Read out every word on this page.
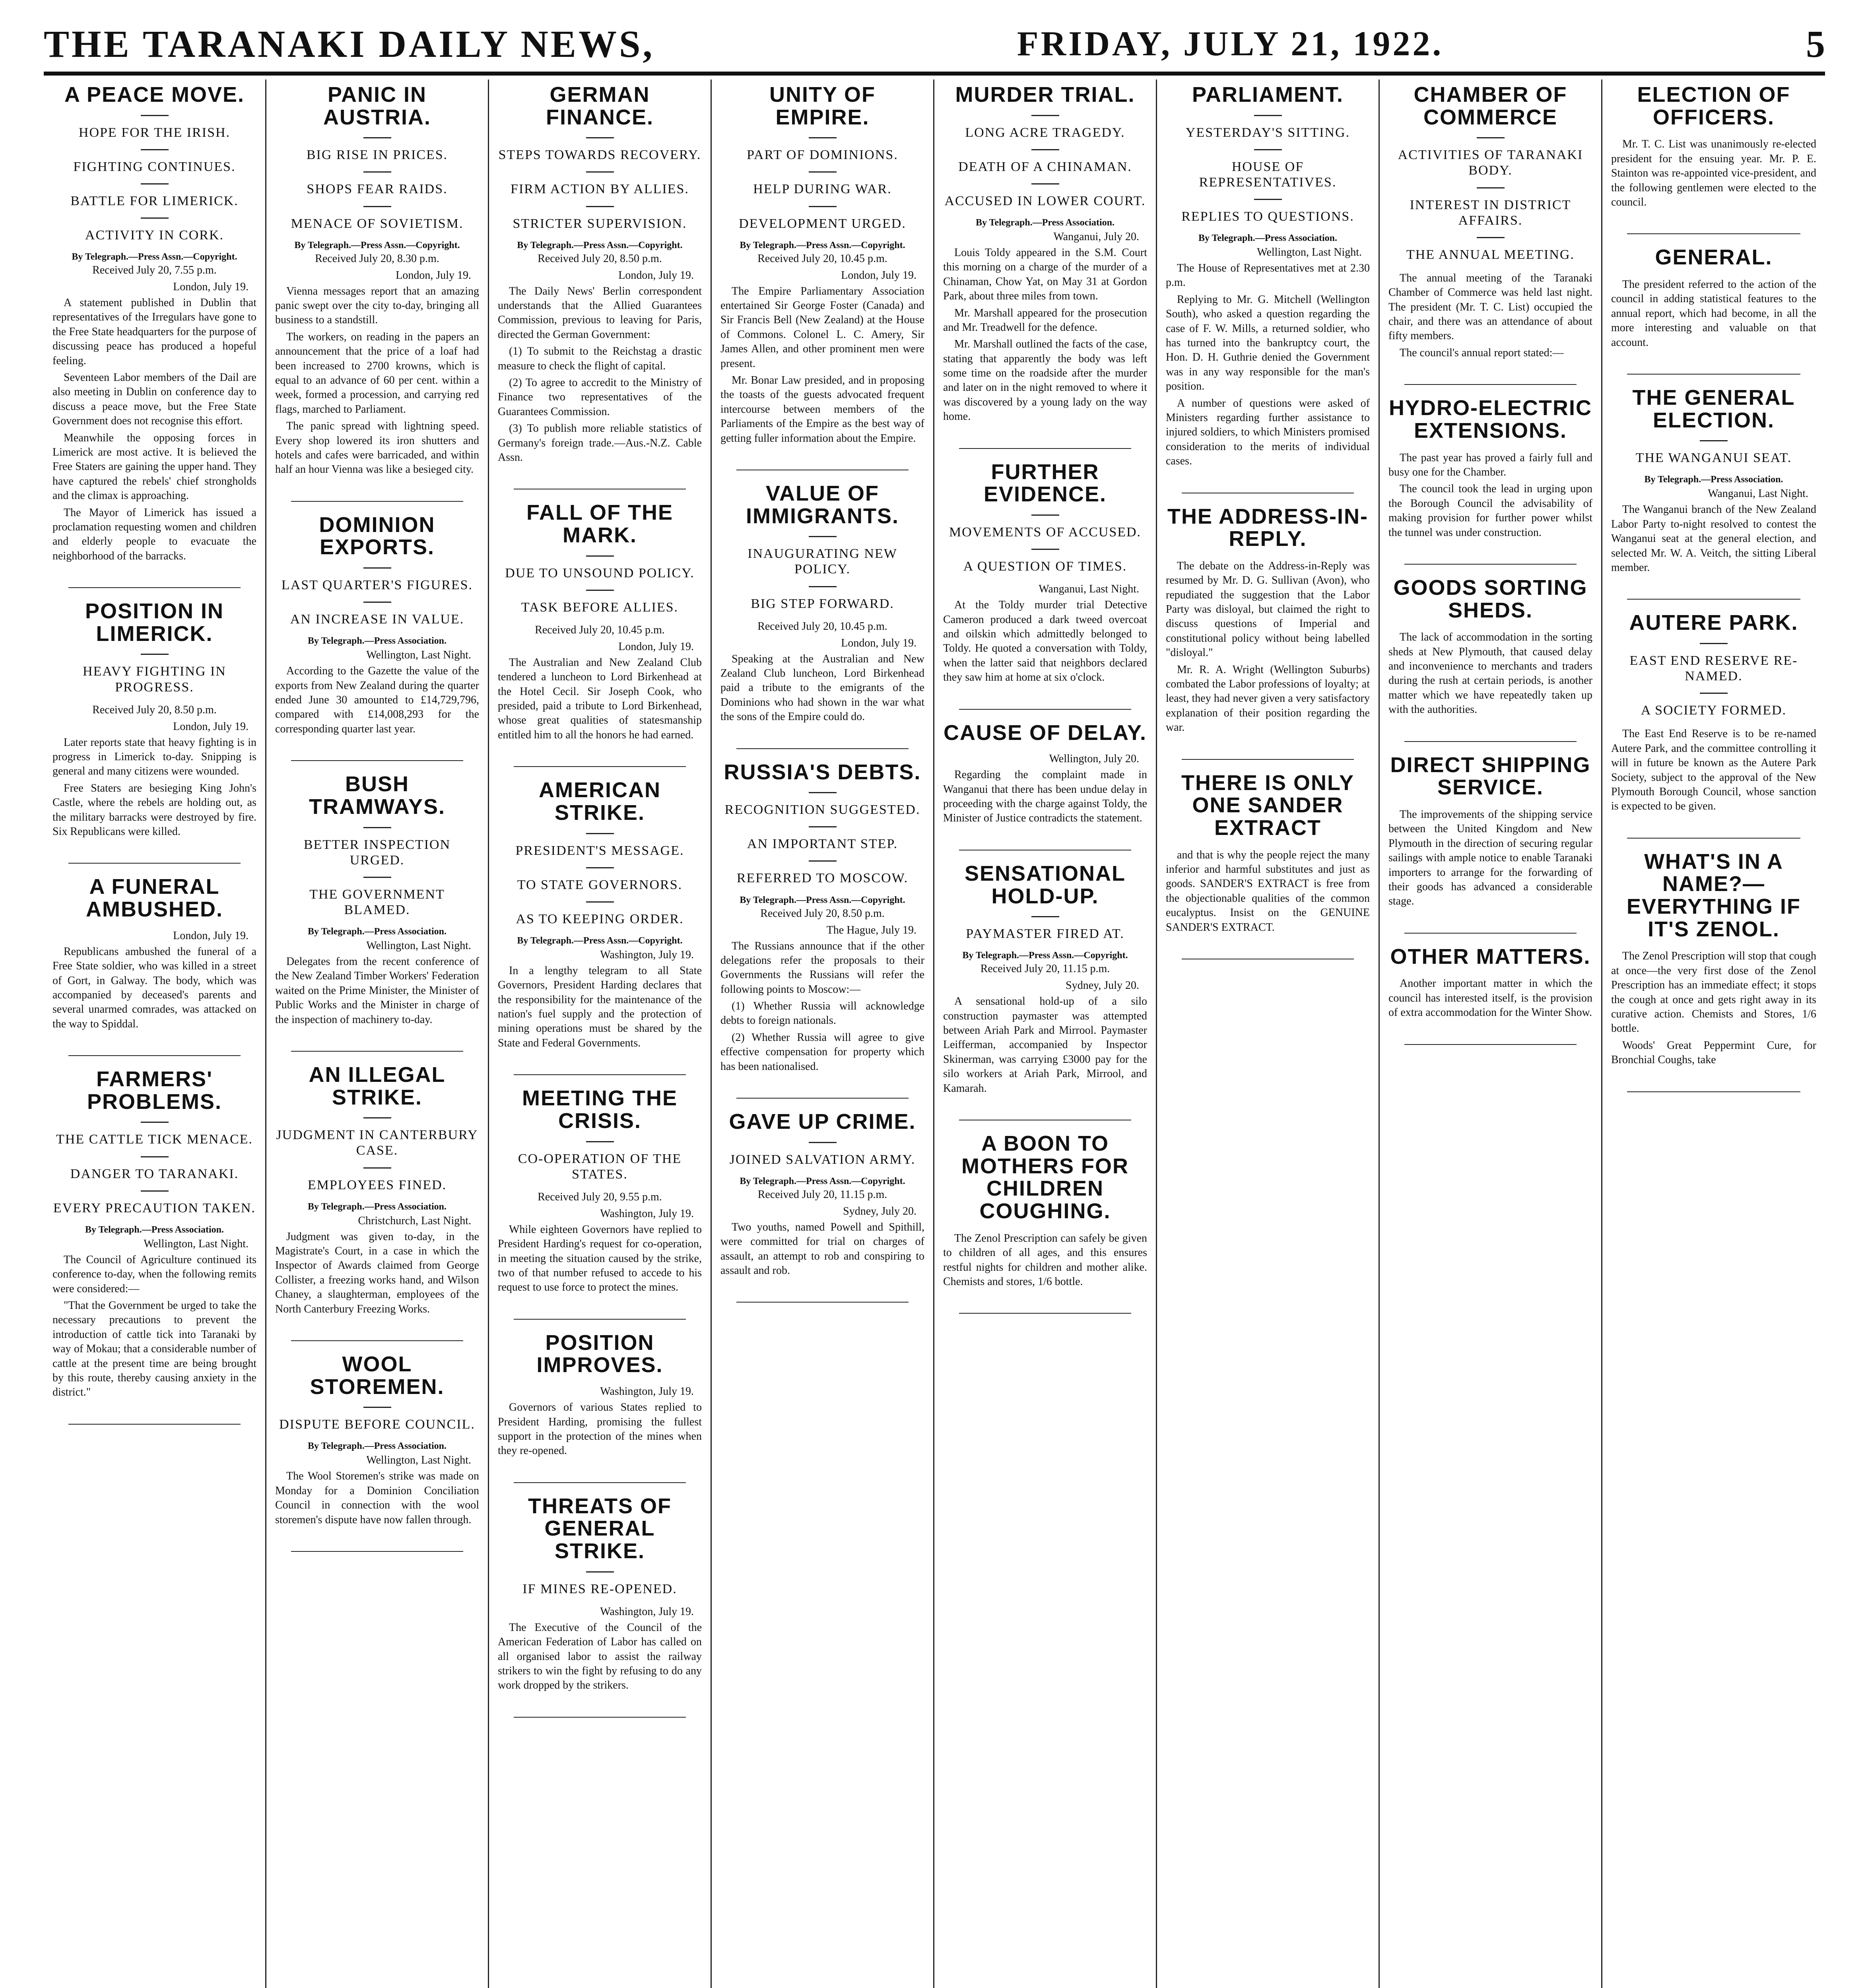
THE TARANAKI DAILY NEWS,	FRIDAY, JULY 21, 1922.	5
A PEACE MOVE.
HOPE FOR THE IRISH.
FIGHTING CONTINUES.
BATTLE FOR LIMERICK.
ACTIVITY IN CORK.
By Telegraph.—Press Assn.—Copyright.
Received July 20, 7.55 p.m.
London, July 19.

A statement published in Dublin that representatives of the Irregulars have gone to the Free State headquarters for the purpose of discussing peace has produced a hopeful feeling.

Seventeen Labor members of the Dail are also meeting in Dublin on conference day to discuss a peace move, but the Free State Government does not recognise this effort.

Meanwhile the opposing forces in Limerick are most active. It is believed the Free Staters are gaining the upper hand. They have captured the rebels' chief strongholds and the climax is approaching.

The Mayor of Limerick has issued a proclamation requesting women and children and elderly people to evacuate the neighborhood of the barracks.

POSITION IN LIMERICK.
HEAVY FIGHTING IN PROGRESS.
Received July 20, 8.50 p.m.
London, July 19.

Later reports state that heavy fighting is in progress in Limerick to-day. Snipping is general and many citizens were wounded.

Free Staters are besieging King John's Castle, where the rebels are holding out, as the military barracks were destroyed by fire. Six Republicans were killed.

A FUNERAL AMBUSHED.
London, July 19.

Republicans ambushed the funeral of a Free State soldier, who was killed in a street of Gort, in Galway. The body, which was accompanied by deceased's parents and several unarmed comrades, was attacked on the way to Spiddal.

FARMERS' PROBLEMS.
THE CATTLE TICK MENACE.
DANGER TO TARANAKI.
EVERY PRECAUTION TAKEN.
By Telegraph.—Press Association.
Wellington, Last Night.

The Council of Agriculture continued its conference to-day, when the following remits were considered:—

"That the Government be urged to take the necessary precautions to prevent the introduction of cattle tick into Taranaki by way of Mokau; that a considerable number of cattle at the present time are being brought by this route, thereby causing anxiety in the district."

PANIC IN AUSTRIA.
BIG RISE IN PRICES.
SHOPS FEAR RAIDS.
MENACE OF SOVIETISM.
By Telegraph.—Press Assn.—Copyright.
Received July 20, 8.30 p.m.
London, July 19.

Vienna messages report that an amazing panic swept over the city to-day, bringing all business to a standstill.

The workers, on reading in the papers an announcement that the price of a loaf had been increased to 2700 krowns, which is equal to an advance of 60 per cent. within a week, formed a procession, and carrying red flags, marched to Parliament.

The panic spread with lightning speed. Every shop lowered its iron shutters and hotels and cafes were barricaded, and within half an hour Vienna was like a besieged city.

DOMINION EXPORTS.
LAST QUARTER'S FIGURES.
AN INCREASE IN VALUE.
By Telegraph.—Press Association.
Wellington, Last Night.

According to the Gazette the value of the exports from New Zealand during the quarter ended June 30 amounted to £14,729,796, compared with £14,008,293 for the corresponding quarter last year.

BUSH TRAMWAYS.
BETTER INSPECTION URGED.
THE GOVERNMENT BLAMED.
By Telegraph.—Press Association.
Wellington, Last Night.

Delegates from the recent conference of the New Zealand Timber Workers' Federation waited on the Prime Minister, the Minister of Public Works and the Minister in charge of the inspection of machinery to-day.

AN ILLEGAL STRIKE.
JUDGMENT IN CANTERBURY CASE.
EMPLOYEES FINED.
By Telegraph.—Press Association.
Christchurch, Last Night.

Judgment was given to-day, in the Magistrate's Court, in a case in which the Inspector of Awards claimed from George Collister, a freezing works hand, and Wilson Chaney, a slaughterman, employees of the North Canterbury Freezing Works.

WOOL STOREMEN.
DISPUTE BEFORE COUNCIL.
By Telegraph.—Press Association.
Wellington, Last Night.

The Wool Storemen's strike was made on Monday for a Dominion Conciliation Council in connection with the wool storemen's dispute have now fallen through.

GERMAN FINANCE.
STEPS TOWARDS RECOVERY.
FIRM ACTION BY ALLIES.
STRICTER SUPERVISION.
By Telegraph.—Press Assn.—Copyright.
Received July 20, 8.50 p.m.
London, July 19.

The Daily News' Berlin correspondent understands that the Allied Guarantees Commission, previous to leaving for Paris, directed the German Government:

(1) To submit to the Reichstag a drastic measure to check the flight of capital.

(2) To agree to accredit to the Ministry of Finance two representatives of the Guarantees Commission.

(3) To publish more reliable statistics of Germany's foreign trade.—Aus.-N.Z. Cable Assn.

FALL OF THE MARK.
DUE TO UNSOUND POLICY.
TASK BEFORE ALLIES.
Received July 20, 10.45 p.m.
London, July 19.

The Australian and New Zealand Club tendered a luncheon to Lord Birkenhead at the Hotel Cecil. Sir Joseph Cook, who presided, paid a tribute to Lord Birkenhead, whose great qualities of statesmanship entitled him to all the honors he had earned.

AMERICAN STRIKE.
PRESIDENT'S MESSAGE.
TO STATE GOVERNORS.
AS TO KEEPING ORDER.
By Telegraph.—Press Assn.—Copyright.
Washington, July 19.

In a lengthy telegram to all State Governors, President Harding declares that the responsibility for the maintenance of the nation's fuel supply and the protection of mining operations must be shared by the State and Federal Governments.

MEETING THE CRISIS.
CO-OPERATION OF THE STATES.
Received July 20, 9.55 p.m.
Washington, July 19.

While eighteen Governors have replied to President Harding's request for co-operation, in meeting the situation caused by the strike, two of that number refused to accede to his request to use force to protect the mines.

POSITION IMPROVES.
Washington, July 19.

Governors of various States replied to President Harding, promising the fullest support in the protection of the mines when they re-opened.

THREATS OF GENERAL STRIKE.
IF MINES RE-OPENED.
Washington, July 19.

The Executive of the Council of the American Federation of Labor has called on all organised labor to assist the railway strikers to win the fight by refusing to do any work dropped by the strikers.

UNITY OF EMPIRE.
PART OF DOMINIONS.
HELP DURING WAR.
DEVELOPMENT URGED.
By Telegraph.—Press Assn.—Copyright.
Received July 20, 10.45 p.m.
London, July 19.

The Empire Parliamentary Association entertained Sir George Foster (Canada) and Sir Francis Bell (New Zealand) at the House of Commons. Colonel L. C. Amery, Sir James Allen, and other prominent men were present.

Mr. Bonar Law presided, and in proposing the toasts of the guests advocated frequent intercourse between members of the Parliaments of the Empire as the best way of getting fuller information about the Empire.

VALUE OF IMMIGRANTS.
INAUGURATING NEW POLICY.
BIG STEP FORWARD.
Received July 20, 10.45 p.m.
London, July 19.

Speaking at the Australian and New Zealand Club luncheon, Lord Birkenhead paid a tribute to the emigrants of the Dominions who had shown in the war what the sons of the Empire could do.

RUSSIA'S DEBTS.
RECOGNITION SUGGESTED.
AN IMPORTANT STEP.
REFERRED TO MOSCOW.
By Telegraph.—Press Assn.—Copyright.
Received July 20, 8.50 p.m.
The Hague, July 19.

The Russians announce that if the other delegations refer the proposals to their Governments the Russians will refer the following points to Moscow:—

(1) Whether Russia will acknowledge debts to foreign nationals.

(2) Whether Russia will agree to give effective compensation for property which has been nationalised.

GAVE UP CRIME.
JOINED SALVATION ARMY.
By Telegraph.—Press Assn.—Copyright.
Received July 20, 11.15 p.m.
Sydney, July 20.

Two youths, named Powell and Spithill, were committed for trial on charges of assault, an attempt to rob and conspiring to assault and rob.

MURDER TRIAL.
LONG ACRE TRAGEDY.
DEATH OF A CHINAMAN.
ACCUSED IN LOWER COURT.
By Telegraph.—Press Association.
Wanganui, July 20.

Louis Toldy appeared in the S.M. Court this morning on a charge of the murder of a Chinaman, Chow Yat, on May 31 at Gordon Park, about three miles from town.

Mr. Marshall appeared for the prosecution and Mr. Treadwell for the defence.

Mr. Marshall outlined the facts of the case, stating that apparently the body was left some time on the roadside after the murder and later on in the night removed to where it was discovered by a young lady on the way home.

FURTHER EVIDENCE.
MOVEMENTS OF ACCUSED.
A QUESTION OF TIMES.
Wanganui, Last Night.

At the Toldy murder trial Detective Cameron produced a dark tweed overcoat and oilskin which admittedly belonged to Toldy. He quoted a conversation with Toldy, when the latter said that neighbors declared they saw him at home at six o'clock.

CAUSE OF DELAY.
Wellington, July 20.

Regarding the complaint made in Wanganui that there has been undue delay in proceeding with the charge against Toldy, the Minister of Justice contradicts the statement.

SENSATIONAL HOLD-UP.
PAYMASTER FIRED AT.
By Telegraph.—Press Assn.—Copyright.
Received July 20, 11.15 p.m.
Sydney, July 20.

A sensational hold-up of a silo construction paymaster was attempted between Ariah Park and Mirrool. Paymaster Leifferman, accompanied by Inspector Skinerman, was carrying £3000 pay for the silo workers at Ariah Park, Mirrool, and Kamarah.

A BOON TO MOTHERS FOR CHILDREN COUGHING.

The Zenol Prescription can safely be given to children of all ages, and this ensures restful nights for children and mother alike. Chemists and stores, 1/6 bottle.

PARLIAMENT.
YESTERDAY'S SITTING.
HOUSE OF REPRESENTATIVES.
REPLIES TO QUESTIONS.
By Telegraph.—Press Association.
Wellington, Last Night.

The House of Representatives met at 2.30 p.m.

Replying to Mr. G. Mitchell (Wellington South), who asked a question regarding the case of F. W. Mills, a returned soldier, who has turned into the bankruptcy court, the Hon. D. H. Guthrie denied the Government was in any way responsible for the man's position.

A number of questions were asked of Ministers regarding further assistance to injured soldiers, to which Ministers promised consideration to the merits of individual cases.

THE ADDRESS-IN-REPLY.

The debate on the Address-in-Reply was resumed by Mr. D. G. Sullivan (Avon), who repudiated the suggestion that the Labor Party was disloyal, but claimed the right to discuss questions of Imperial and constitutional policy without being labelled "disloyal."

Mr. R. A. Wright (Wellington Suburbs) combated the Labor professions of loyalty; at least, they had never given a very satisfactory explanation of their position regarding the war.

THERE IS ONLY ONE SANDER EXTRACT

and that is why the people reject the many inferior and harmful substitutes and just as goods. SANDER'S EXTRACT is free from the objectionable qualities of the common eucalyptus. Insist on the GENUINE SANDER'S EXTRACT.

CHAMBER OF COMMERCE
ACTIVITIES OF TARANAKI BODY.
INTEREST IN DISTRICT AFFAIRS.
THE ANNUAL MEETING.

The annual meeting of the Taranaki Chamber of Commerce was held last night. The president (Mr. T. C. List) occupied the chair, and there was an attendance of about fifty members.

The council's annual report stated:—

HYDRO-ELECTRIC EXTENSIONS.

The past year has proved a fairly full and busy one for the Chamber.

The council took the lead in urging upon the Borough Council the advisability of making provision for further power whilst the tunnel was under construction.

GOODS SORTING SHEDS.

The lack of accommodation in the sorting sheds at New Plymouth, that caused delay and inconvenience to merchants and traders during the rush at certain periods, is another matter which we have repeatedly taken up with the authorities.

DIRECT SHIPPING SERVICE.

The improvements of the shipping service between the United Kingdom and New Plymouth in the direction of securing regular sailings with ample notice to enable Taranaki importers to arrange for the forwarding of their goods has advanced a considerable stage.

OTHER MATTERS.

Another important matter in which the council has interested itself, is the provision of extra accommodation for the Winter Show.

ELECTION OF OFFICERS.

Mr. T. C. List was unanimously re-elected president for the ensuing year. Mr. P. E. Stainton was re-appointed vice-president, and the following gentlemen were elected to the council.

GENERAL.

The president referred to the action of the council in adding statistical features to the annual report, which had become, in all the more interesting and valuable on that account.

THE GENERAL ELECTION.
THE WANGANUI SEAT.
By Telegraph.—Press Association.
Wanganui, Last Night.

The Wanganui branch of the New Zealand Labor Party to-night resolved to contest the Wanganui seat at the general election, and selected Mr. W. A. Veitch, the sitting Liberal member.

AUTERE PARK.
EAST END RESERVE RE-NAMED.
A SOCIETY FORMED.

The East End Reserve is to be re-named Autere Park, and the committee controlling it will in future be known as the Autere Park Society, subject to the approval of the New Plymouth Borough Council, whose sanction is expected to be given.

WHAT'S IN A NAME?—EVERYTHING IF IT'S ZENOL.

The Zenol Prescription will stop that cough at once—the very first dose of the Zenol Prescription has an immediate effect; it stops the cough at once and gets right away in its curative action. Chemists and Stores, 1/6 bottle.

Woods' Great Peppermint Cure, for Bronchial Coughs, take
